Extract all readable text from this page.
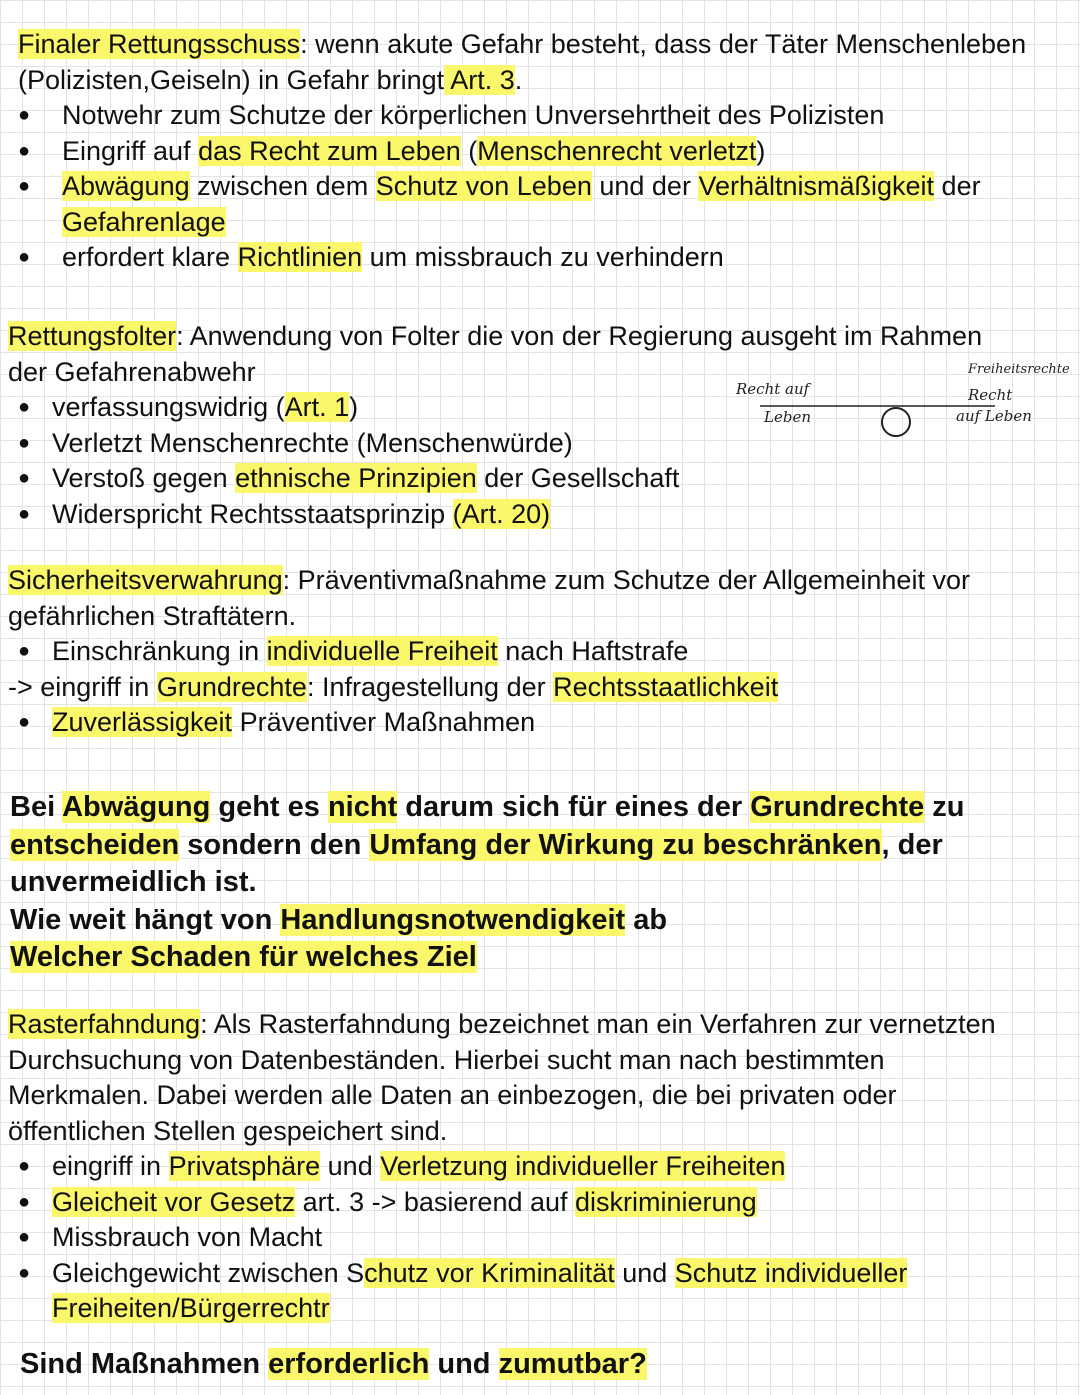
Finaler Rettungsschuss: wenn akute Gefahr besteht, dass der Täter Menschenleben
(Polizisten,Geiseln) in Gefahr bringt Art. 3.
●	Notwehr zum Schutze der körperlichen Unversehrtheit des Polizisten
●	Eingriff auf das Recht zum Leben (Menschenrecht verletzt)
●	Abwägung zwischen dem Schutz von Leben und der Verhältnismäßigkeit der
Gefahrenlage
●	erfordert klare Richtlinien um missbrauch zu verhindern
Rettungsfolter: Anwendung von Folter die von der Regierung ausgeht im Rahmen
der Gefahrenabwehr
● verfassungswidrig (Art. 1)
● Verletzt Menschenrechte (Menschenwürde)
● Verstoß gegen ethnische Prinzipien der Gesellschaft
● Widerspricht Rechtsstaatsprinzip (Art. 20)
Recht auf
Leben
Freiheitsrechte
Recht
auf Leben
Sicherheitsverwahrung: Präventivmaßnahme zum Schutze der Allgemeinheit vor
gefährlichen Straftätern.
● Einschränkung in individuelle Freiheit nach Haftstrafe
-> eingriff in Grundrechte: Infragestellung der Rechtsstaatlichkeit
● Zuverlässigkeit Präventiver Maßnahmen
Bei Abwägung geht es nicht darum sich für eines der Grundrechte zu
entscheiden sondern den Umfang der Wirkung zu beschränken, der
unvermeidlich ist.
Wie weit hängt von Handlungsnotwendigkeit ab
Welcher Schaden für welches Ziel
Rasterfahndung: Als Rasterfahndung bezeichnet man ein Verfahren zur vernetzten
Durchsuchung von Datenbeständen. Hierbei sucht man nach bestimmten
Merkmalen. Dabei werden alle Daten an einbezogen, die bei privaten oder
öffentlichen Stellen gespeichert sind.
● eingriff in Privatsphäre und Verletzung individueller Freiheiten
● Gleicheit vor Gesetz art. 3 -> basierend auf diskriminierung
● Missbrauch von Macht
● Gleichgewicht zwischen Schutz vor Kriminalität und Schutz individueller
Freiheiten/Bürgerrechtr
Sind Maßnahmen erforderlich und zumutbar?
